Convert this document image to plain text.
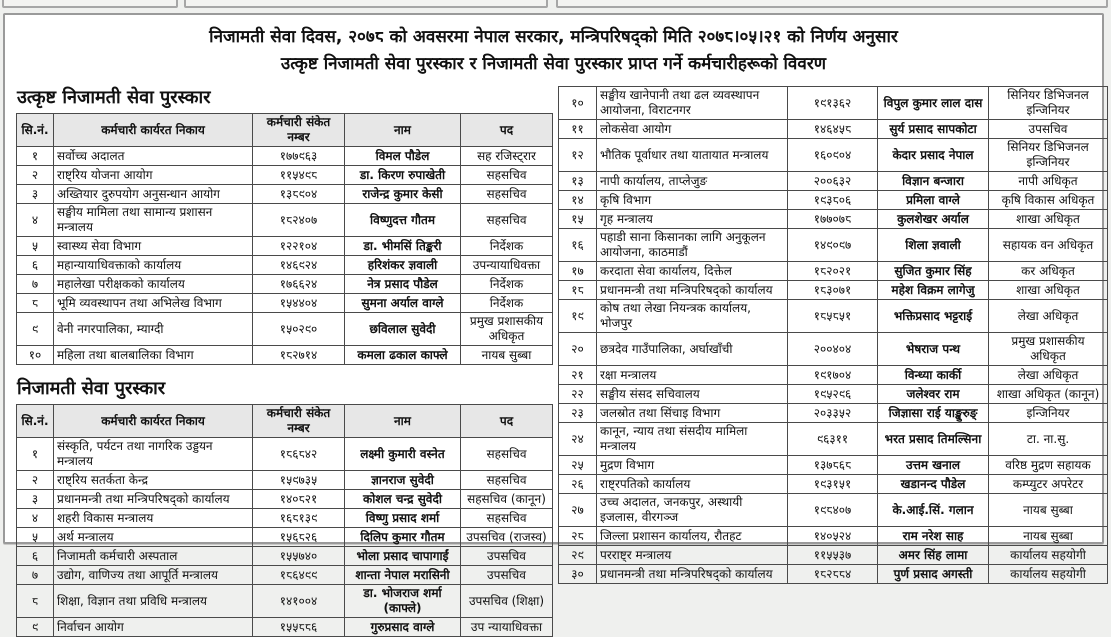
निजामती सेवा दिवस, २०७८ को अवसरमा नेपाल सरकार, मन्त्रिपरिषद्को मिति २०७८।०५।२१ को निर्णय अनुसार
उत्कृष्ट निजामती सेवा पुरस्कार र निजामती सेवा पुरस्कार प्राप्त गर्ने कर्मचारीहरूको विवरण
उत्कृष्ट निजामती सेवा पुरस्कार
सि.नं.	कर्मचारी कार्यरत निकाय	कर्मचारी संकेत नम्बर	नाम	पद
१	सर्वोच्च अदालत	१७७९६३	विमल पौडेल	सह रजिस्ट्रार
२	राष्ट्रिय योजना आयोग	११५४९८	डा. किरण रुपाखेती	सहसचिव
३	अख्तियार दुरुपयोग अनुसन्धान आयोग	१३८९०४	राजेन्द्र कुमार केसी	सहसचिव
४	सङ्घीय मामिला तथा सामान्य प्रशासन मन्त्रालय	१८२४०७	विष्णुदत्त गौतम	सहसचिव
५	स्वास्थ्य सेवा विभाग	१२२१०४	डा. भीमसिं तिङ्करी	निर्देशक
६	महान्यायाधिवक्ताको कार्यालय	१४६९२४	हरिशंकर ज्ञवाली	उपन्यायाधिवक्ता
७	महालेखा परीक्षकको कार्यालय	१७६६२४	नेत्र प्रसाद पौडेल	निर्देशक
८	भूमि व्यवस्थापन तथा अभिलेख विभाग	१५४४०४	सुमना अर्याल वाग्ले	निर्देशक
९	वेनी नगरपालिका, म्याग्दी	१५०२९०	छविलाल सुवेदी	प्रमुख प्रशासकीय अधिकृत
१०	महिला तथा बालबालिका विभाग	१८२७१४	कमला ढकाल काफ्ले	नायब सुब्बा
निजामती सेवा पुरस्कार
सि.नं.	कर्मचारी कार्यरत निकाय	कर्मचारी संकेत नम्बर	नाम	पद
१	संस्कृति, पर्यटन तथा नागरिक उड्डयन मन्त्रालय	१८६८४२	लक्ष्मी कुमारी वस्नेत	सहसचिव
२	राष्ट्रिय सतर्कता केन्द्र	१५९७३५	ज्ञानराज सुवेदी	सहसचिव
३	प्रधानमन्त्री तथा मन्त्रिपरिषद्को कार्यालय	१४०८२१	कोशल चन्द्र सुवेदी	सहसचिव (कानून)
४	शहरी विकास मन्त्रालय	१६८१३९	विष्णु प्रसाद शर्मा	सहसचिव
५	अर्थ मन्त्रालय	१५६८२६	दिलिप कुमार गौतम	उपसचिव (राजस्व)
६	निजामती कर्मचारी अस्पताल	१५५७४०	भोला प्रसाद चापागाईं	उपसचिव
७	उद्योग, वाणिज्य तथा आपूर्ति मन्त्रालय	१८६४९९	शान्ता नेपाल मरासिनी	उपसचिव
८	शिक्षा, विज्ञान तथा प्रविधि मन्त्रालय	१४१००४	डा. भोजराज शर्मा (काफ्ले)	उपसचिव (शिक्षा)
९	निर्वाचन आयोग	१५५८८६	गुरुप्रसाद वाग्ले	उप न्यायाधिवक्ता
१०	सङ्घीय खानेपानी तथा ढल व्यवस्थापन आयोजना, विराटनगर	१९१३६२	विपुल कुमार लाल दास	सिनियर डिभिजनल इन्जिनियर
११	लोकसेवा आयोग	१४६४५८	सुर्य प्रसाद सापकोटा	उपसचिव
१२	भौतिक पूर्वाधार तथा यातायात मन्त्रालय	१६०९०४	केदार प्रसाद नेपाल	सिनियर डिभिजनल इन्जिनियर
१३	नापी कार्यालय, ताप्लेजुङ	२००६३२	विज्ञान बन्जारा	नापी अधिकृत
१४	कृषि विभाग	१९३८०६	प्रमिला वाग्ले	कृषि विकास अधिकृत
१५	गृह मन्त्रालय	१७७०७८	कुलशेखर अर्याल	शाखा अधिकृत
१६	पहाडी साना किसानका लागि अनुकूलन आयोजना, काठमाडौं	१४९०९७	शिला ज्ञवाली	सहायक वन अधिकृत
१७	करदाता सेवा कार्यालय, दिक्तेल	१८२०२१	सुजित कुमार सिंह	कर अधिकृत
१८	प्रधानमन्त्री तथा मन्त्रिपरिषद्को कार्यालय	१८३०७१	महेश विक्रम लागेजु	शाखा अधिकृत
१९	कोष तथा लेखा नियन्त्रक कार्यालय, भोजपुर	१८५८५१	भक्तिप्रसाद भट्टराई	लेखा अधिकृत
२०	छत्रदेव गाउँपालिका, अर्घाखाँची	२००४०४	भेषराज पन्थ	प्रमुख प्रशासकीय अधिकृत
२१	रक्षा मन्त्रालय	१९१७०४	विन्ध्या कार्की	लेखा अधिकृत
२२	सङ्घीय संसद सचिवालय	१९५२९६	जलेश्वर राम	शाखा अधिकृत (कानून)
२३	जलस्रोत तथा सिंचाइ विभाग	२०३३५२	जिज्ञासा राई याङ्खुरुङ्	इन्जिनियर
२४	कानून, न्याय तथा संसदीय मामिला मन्त्रालय	९६३११	भरत प्रसाद तिमल्सिना	टा. ना.सु.
२५	मुद्रण विभाग	१३७८६८	उत्तम खनाल	वरिष्ठ मुद्रण सहायक
२६	राष्ट्रपतिको कार्यालय	१९३१५१	खडानन्द पौडेल	कम्प्युटर अपरेटर
२७	उच्च अदालत, जनकपुर, अस्थायी इजलास, वीरगञ्ज	१९८४०७	के.आई.सिं. गलान	नायब सुब्बा
२८	जिल्ला प्रशासन कार्यालय, रौतहट	१४०५२४	राम नरेश साह	नायब सुब्बा
२९	परराष्ट्र मन्त्रालय	११५५३७	अमर सिंह लामा	कार्यालय सहयोगी
३०	प्रधानमन्त्री तथा मन्त्रिपरिषद्को कार्यालय	१८२८८४	पुर्ण प्रसाद अगस्ती	कार्यालय सहयोगी
